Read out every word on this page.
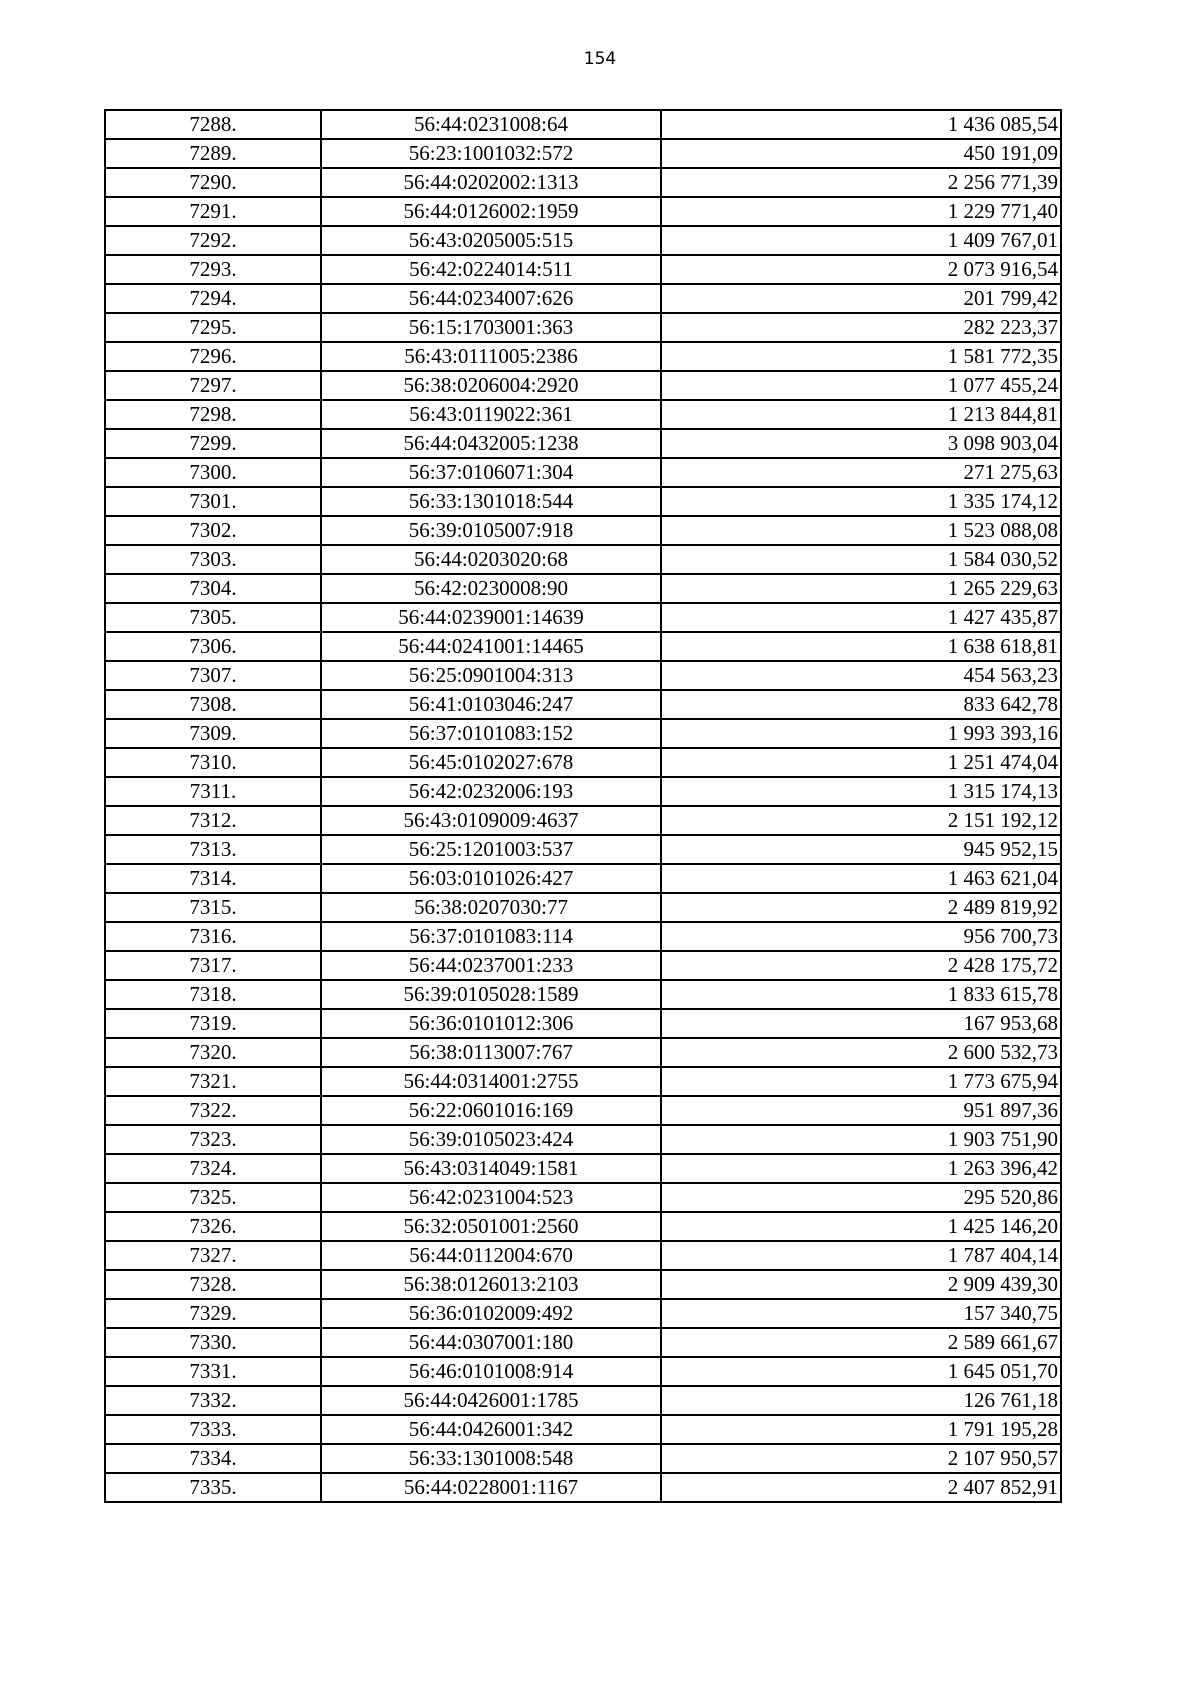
154
7288.	56:44:0231008:64	1 436 085,54
7289.	56:23:1001032:572	450 191,09
7290.	56:44:0202002:1313	2 256 771,39
7291.	56:44:0126002:1959	1 229 771,40
7292.	56:43:0205005:515	1 409 767,01
7293.	56:42:0224014:511	2 073 916,54
7294.	56:44:0234007:626	201 799,42
7295.	56:15:1703001:363	282 223,37
7296.	56:43:0111005:2386	1 581 772,35
7297.	56:38:0206004:2920	1 077 455,24
7298.	56:43:0119022:361	1 213 844,81
7299.	56:44:0432005:1238	3 098 903,04
7300.	56:37:0106071:304	271 275,63
7301.	56:33:1301018:544	1 335 174,12
7302.	56:39:0105007:918	1 523 088,08
7303.	56:44:0203020:68	1 584 030,52
7304.	56:42:0230008:90	1 265 229,63
7305.	56:44:0239001:14639	1 427 435,87
7306.	56:44:0241001:14465	1 638 618,81
7307.	56:25:0901004:313	454 563,23
7308.	56:41:0103046:247	833 642,78
7309.	56:37:0101083:152	1 993 393,16
7310.	56:45:0102027:678	1 251 474,04
7311.	56:42:0232006:193	1 315 174,13
7312.	56:43:0109009:4637	2 151 192,12
7313.	56:25:1201003:537	945 952,15
7314.	56:03:0101026:427	1 463 621,04
7315.	56:38:0207030:77	2 489 819,92
7316.	56:37:0101083:114	956 700,73
7317.	56:44:0237001:233	2 428 175,72
7318.	56:39:0105028:1589	1 833 615,78
7319.	56:36:0101012:306	167 953,68
7320.	56:38:0113007:767	2 600 532,73
7321.	56:44:0314001:2755	1 773 675,94
7322.	56:22:0601016:169	951 897,36
7323.	56:39:0105023:424	1 903 751,90
7324.	56:43:0314049:1581	1 263 396,42
7325.	56:42:0231004:523	295 520,86
7326.	56:32:0501001:2560	1 425 146,20
7327.	56:44:0112004:670	1 787 404,14
7328.	56:38:0126013:2103	2 909 439,30
7329.	56:36:0102009:492	157 340,75
7330.	56:44:0307001:180	2 589 661,67
7331.	56:46:0101008:914	1 645 051,70
7332.	56:44:0426001:1785	126 761,18
7333.	56:44:0426001:342	1 791 195,28
7334.	56:33:1301008:548	2 107 950,57
7335.	56:44:0228001:1167	2 407 852,91
